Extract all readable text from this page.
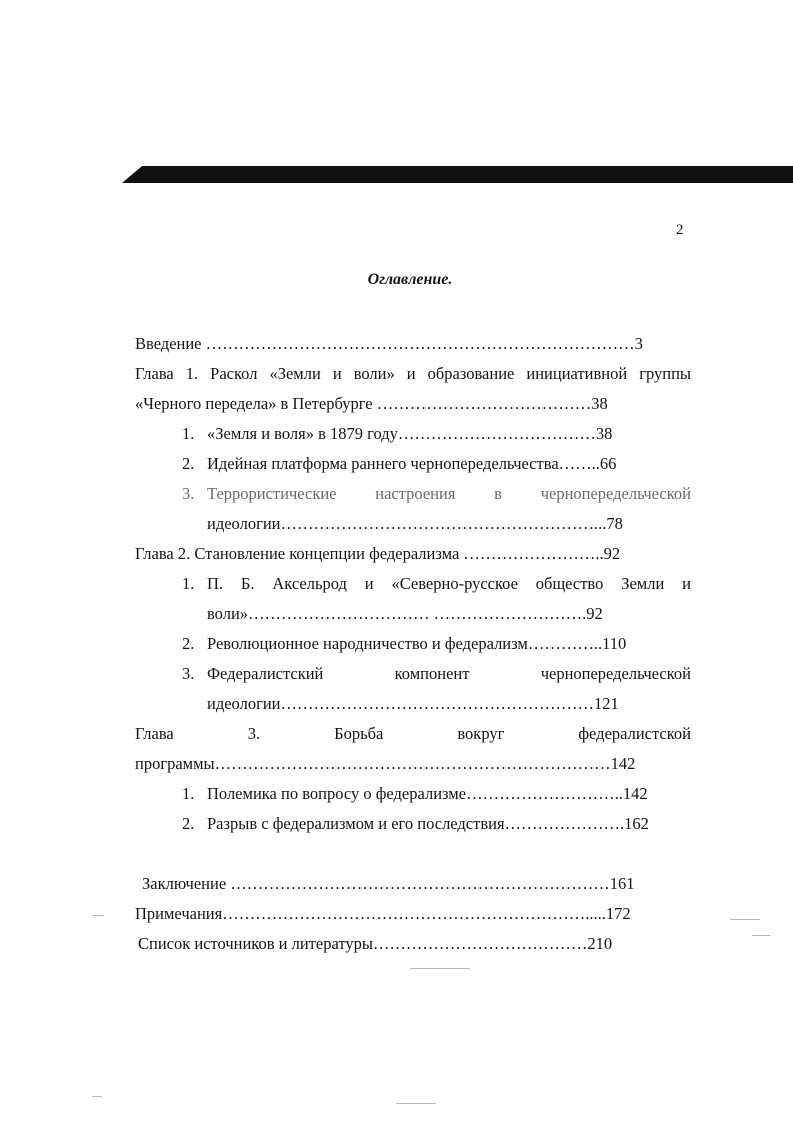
2

Оглавление.

Введение ……………………………………………………………………3

Глава 1. Раскол «Земли и воли» и образование инициативной группы

«Черного передела» в Петербурге …………………………………38

1. «Земля и воля» в 1879 году………………………………38

2. Идейная платформа раннего чернопередельчества……..66

3. Террористические настроения в чернопередельческой

идеологии…………………………………………………...78

Глава 2. Становление концепции федерализма ……………………..92

1. П. Б. Аксельрод и «Северно-русское общество Земли и

воли»…………………………… ……………………….92

2. Революционное народничество и федерализм…………..110

3. Федералистский компонент чернопередельческой

идеологии…………………………………………………121

Глава 3. Борьба вокруг федералистской

программы………………………………………………………………142

1. Полемика по вопросу о федерализме………………………..142

2. Разрыв с федерализмом и его последствия………………….162

Заключение ……………………………………………………………161

Примечания………………………………………………………….....172

Список источников и литературы…………………………………210
